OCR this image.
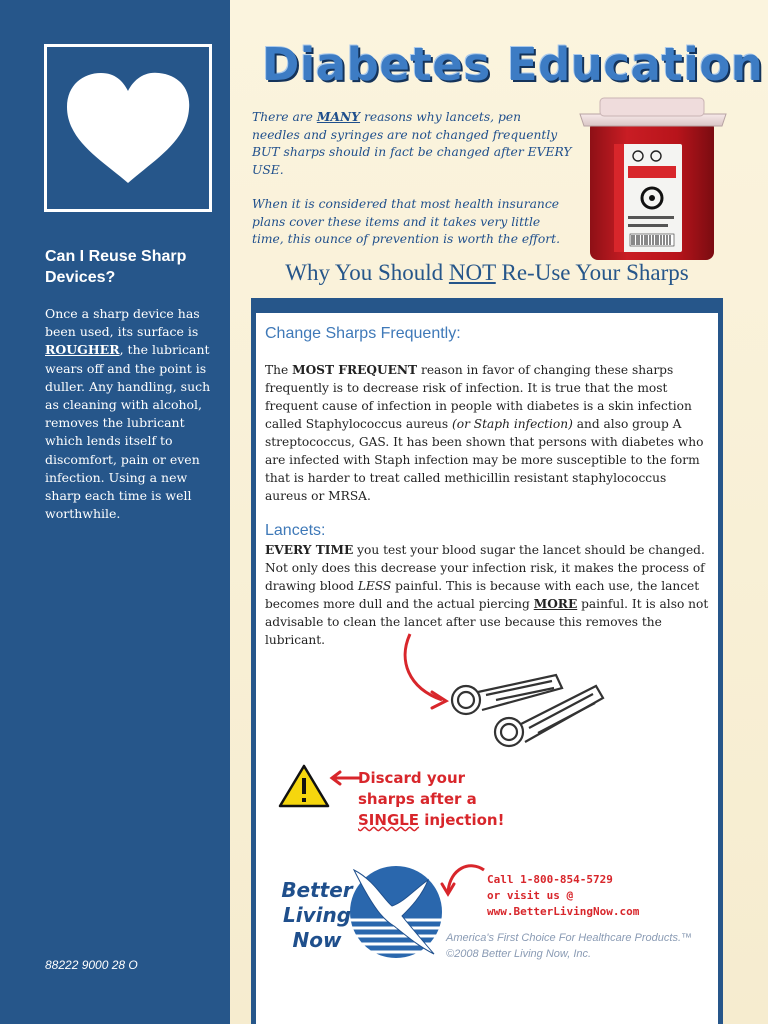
Can I Reuse Sharp Devices?
Once a sharp device has been used, its surface is ROUGHER, the lubricant wears off and the point is duller. Any handling, such as cleaning with alcohol, removes the lubricant which lends itself to discomfort, pain or even infection. Using a new sharp each time is well worthwhile.
88222 9000 28 O
Diabetes Education

There are MANY reasons why lancets, pen needles and syringes are not changed frequently BUT sharps should in fact be changed after EVERY USE.

When it is considered that most health insurance plans cover these items and it takes very little time, this ounce of prevention is worth the effort.

Why You Should NOT Re-Use Your Sharps
Change Sharps Frequently:
The MOST FREQUENT reason in favor of changing these sharps frequently is to decrease risk of infection. It is true that the most frequent cause of infection in people with diabetes is a skin infection called Staphylococcus aureus (or Staph infection) and also group A streptococcus, GAS. It has been shown that persons with diabetes who are infected with Staph infection may be more susceptible to the form that is harder to treat called methicillin resistant staphylococcus aureus or MRSA.
Lancets:
EVERY TIME you test your blood sugar the lancet should be changed. Not only does this decrease your infection risk, it makes the process of drawing blood LESS painful. This is because with each use, the lancet becomes more dull and the actual piercing MORE painful. It is also not advisable to clean the lancet after use because this removes the lubricant.
Discard your
sharps after a
SINGLE injection!
Better
Living
Now
Call 1-800-854-5729
or visit us @
www.BetterLivingNow.com
America's First Choice For Healthcare Products.™
©2008 Better Living Now, Inc.
